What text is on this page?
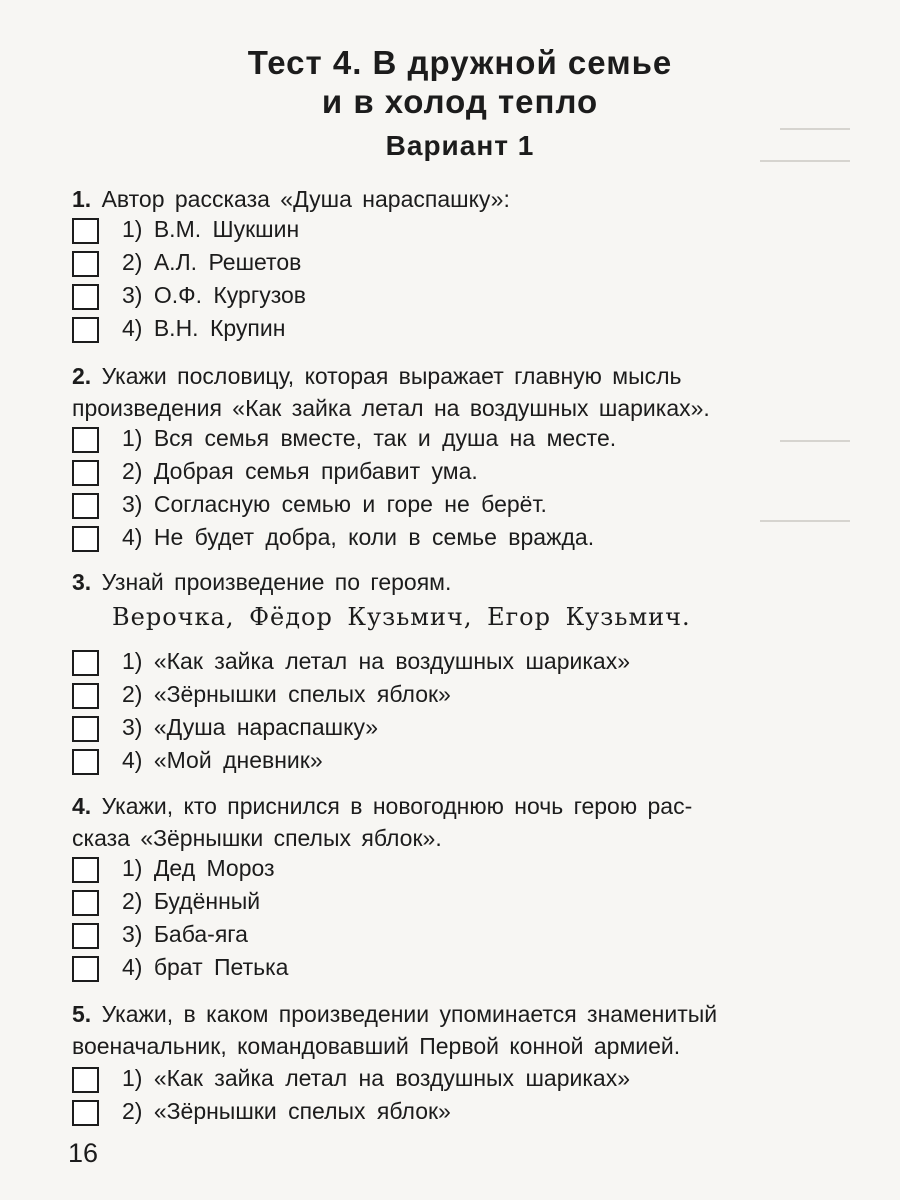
Тест 4. В дружной семье
и в холод тепло
Вариант 1
1. Автор рассказа «Душа нараспашку»:
1) В.М. Шукшин
2) А.Л. Решетов
3) О.Ф. Кургузов
4) В.Н. Крупин
2. Укажи пословицу, которая выражает главную мысль
произведения «Как зайка летал на воздушных шариках».
1) Вся семья вместе, так и душа на месте.
2) Добрая семья прибавит ума.
3) Согласную семью и горе не берёт.
4) Не будет добра, коли в семье вражда.
3. Узнай произведение по героям.
Верочка, Фёдор Кузьмич, Егор Кузьмич.
1) «Как зайка летал на воздушных шариках»
2) «Зёрнышки спелых яблок»
3) «Душа нараспашку»
4) «Мой дневник»
4. Укажи, кто приснился в новогоднюю ночь герою рас-
сказа «Зёрнышки спелых яблок».
1) Дед Мороз
2) Будённый
3) Баба-яга
4) брат Петька
5. Укажи, в каком произведении упоминается знаменитый
военачальник, командовавший Первой конной армией.
1) «Как зайка летал на воздушных шариках»
2) «Зёрнышки спелых яблок»
16
